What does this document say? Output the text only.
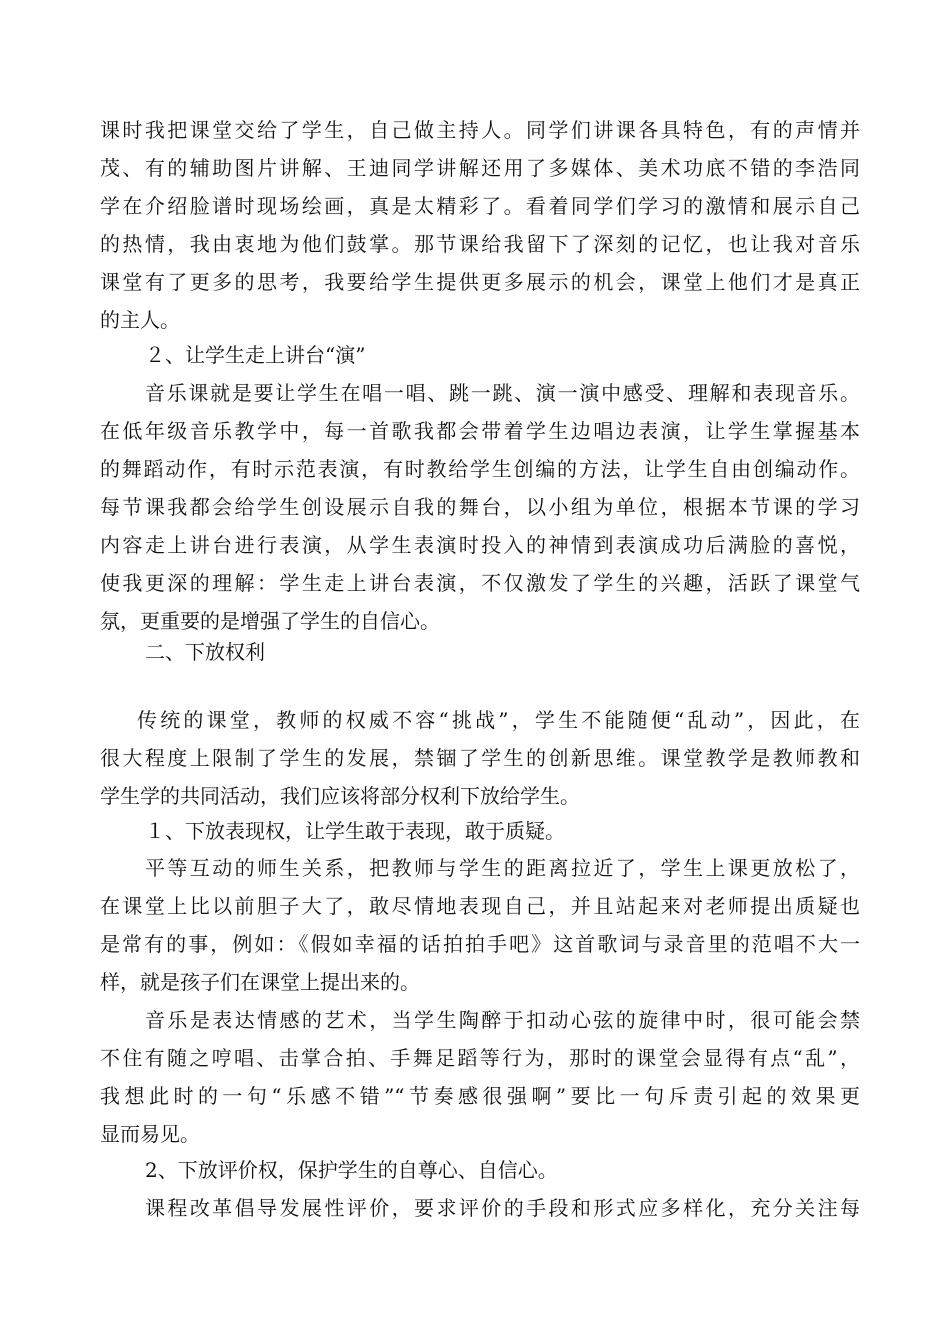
课时我把课堂交给了学生，自己做主持人。同学们讲课各具特色，有的声情并
茂、有的辅助图片讲解、王迪同学讲解还用了多媒体、美术功底不错的李浩同
学在介绍脸谱时现场绘画，真是太精彩了。看着同学们学习的激情和展示自己
的热情，我由衷地为他们鼓掌。那节课给我留下了深刻的记忆，也让我对音乐
课堂有了更多的思考，我要给学生提供更多展示的机会，课堂上他们才是真正
的主人。
２、让学生走上讲台“演”
音乐课就是要让学生在唱一唱、跳一跳、演一演中感受、理解和表现音乐。
在低年级音乐教学中，每一首歌我都会带着学生边唱边表演，让学生掌握基本
的舞蹈动作，有时示范表演，有时教给学生创编的方法，让学生自由创编动作。
每节课我都会给学生创设展示自我的舞台，以小组为单位，根据本节课的学习
内容走上讲台进行表演，从学生表演时投入的神情到表演成功后满脸的喜悦，
使我更深的理解：学生走上讲台表演，不仅激发了学生的兴趣，活跃了课堂气
氛，更重要的是增强了学生的自信心。
二、下放权利
传统的课堂，教师的权威不容“挑战”，学生不能随便“乱动”，因此，在
很大程度上限制了学生的发展，禁锢了学生的创新思维。课堂教学是教师教和
学生学的共同活动，我们应该将部分权利下放给学生。
１、下放表现权，让学生敢于表现，敢于质疑。
平等互动的师生关系，把教师与学生的距离拉近了，学生上课更放松了，
在课堂上比以前胆子大了，敢尽情地表现自己，并且站起来对老师提出质疑也
是常有的事，例如：《假如幸福的话拍拍手吧》这首歌词与录音里的范唱不大一
样，就是孩子们在课堂上提出来的。
音乐是表达情感的艺术，当学生陶醉于扣动心弦的旋律中时，很可能会禁
不住有随之哼唱、击掌合拍、手舞足蹈等行为，那时的课堂会显得有点“乱”，
我想此时的一句“乐感不错”“节奏感很强啊”要比一句斥责引起的效果更
显而易见。
2、下放评价权，保护学生的自尊心、自信心。
课程改革倡导发展性评价，要求评价的手段和形式应多样化，充分关注每
